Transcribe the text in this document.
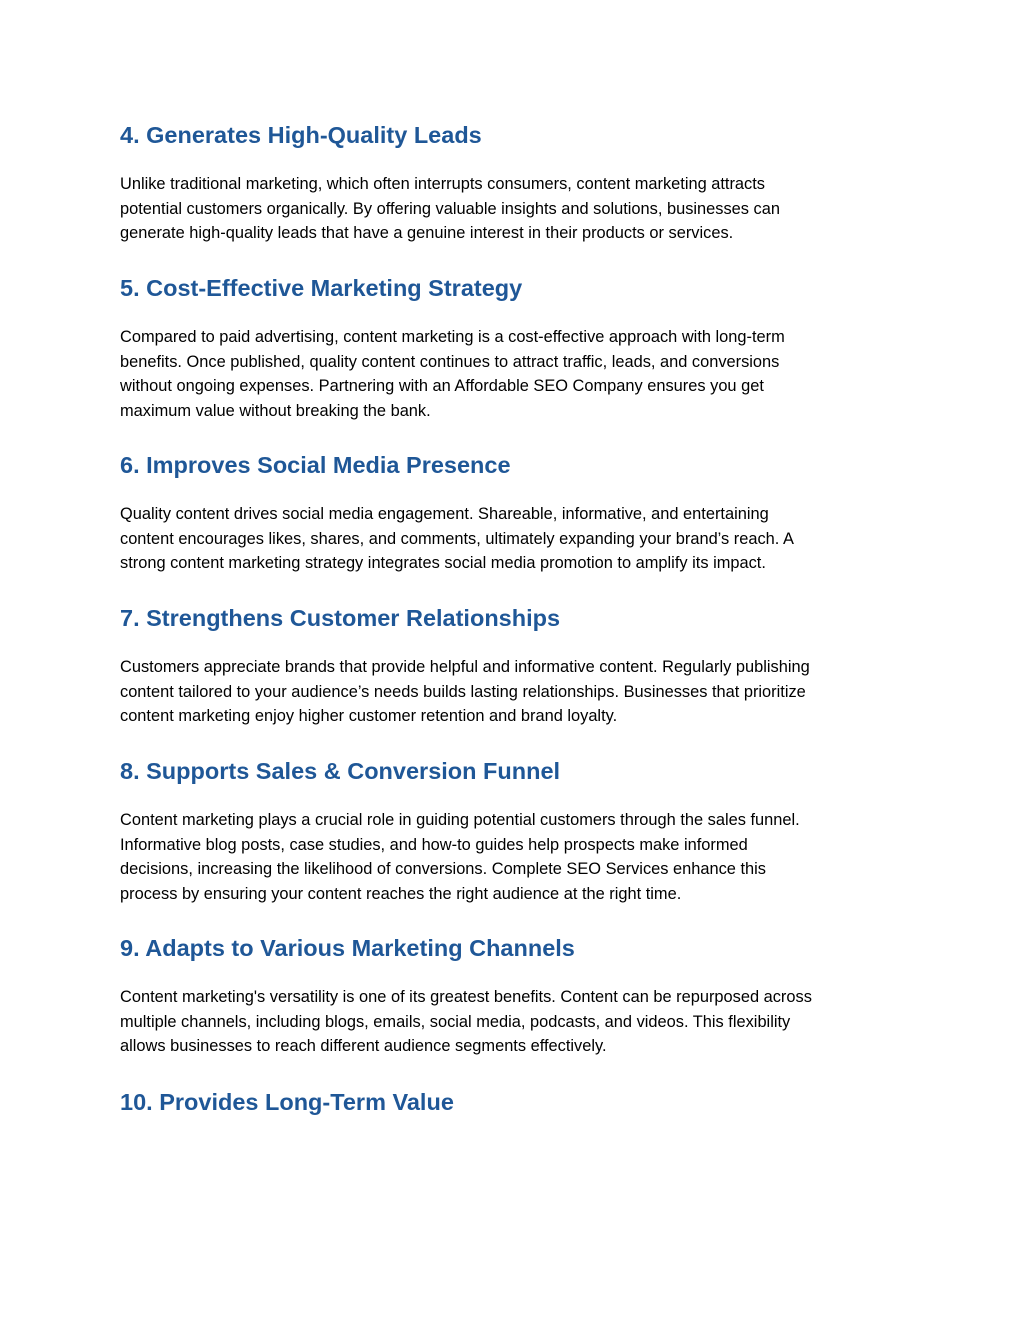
4. Generates High-Quality Leads

Unlike traditional marketing, which often interrupts consumers, content marketing attracts
potential customers organically. By offering valuable insights and solutions, businesses can
generate high-quality leads that have a genuine interest in their products or services.

5. Cost-Effective Marketing Strategy

Compared to paid advertising, content marketing is a cost-effective approach with long-term
benefits. Once published, quality content continues to attract traffic, leads, and conversions
without ongoing expenses. Partnering with an Affordable SEO Company ensures you get
maximum value without breaking the bank.

6. Improves Social Media Presence

Quality content drives social media engagement. Shareable, informative, and entertaining
content encourages likes, shares, and comments, ultimately expanding your brand’s reach. A
strong content marketing strategy integrates social media promotion to amplify its impact.

7. Strengthens Customer Relationships

Customers appreciate brands that provide helpful and informative content. Regularly publishing
content tailored to your audience’s needs builds lasting relationships. Businesses that prioritize
content marketing enjoy higher customer retention and brand loyalty.

8. Supports Sales & Conversion Funnel

Content marketing plays a crucial role in guiding potential customers through the sales funnel.
Informative blog posts, case studies, and how-to guides help prospects make informed
decisions, increasing the likelihood of conversions. Complete SEO Services enhance this
process by ensuring your content reaches the right audience at the right time.

9. Adapts to Various Marketing Channels

Content marketing's versatility is one of its greatest benefits. Content can be repurposed across
multiple channels, including blogs, emails, social media, podcasts, and videos. This flexibility
allows businesses to reach different audience segments effectively.

10. Provides Long-Term Value
